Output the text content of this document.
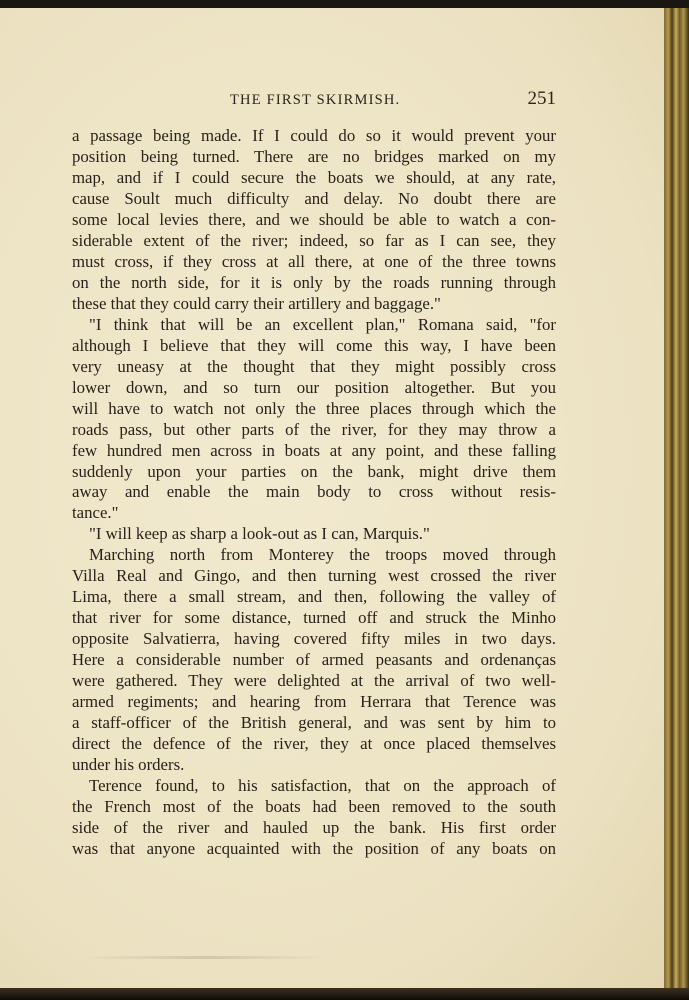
THE FIRST SKIRMISH.	251
a passage being made. If I could do so it would prevent your
position being turned. There are no bridges marked on my
map, and if I could secure the boats we should, at any rate,
cause Soult much difficulty and delay. No doubt there are
some local levies there, and we should be able to watch a con-
siderable extent of the river; indeed, so far as I can see, they
must cross, if they cross at all there, at one of the three towns
on the north side, for it is only by the roads running through
these that they could carry their artillery and baggage."
"I think that will be an excellent plan," Romana said, "for
although I believe that they will come this way, I have been
very uneasy at the thought that they might possibly cross
lower down, and so turn our position altogether. But you
will have to watch not only the three places through which the
roads pass, but other parts of the river, for they may throw a
few hundred men across in boats at any point, and these falling
suddenly upon your parties on the bank, might drive them
away and enable the main body to cross without resis-
tance."
"I will keep as sharp a look-out as I can, Marquis."
Marching north from Monterey the troops moved through
Villa Real and Gingo, and then turning west crossed the river
Lima, there a small stream, and then, following the valley of
that river for some distance, turned off and struck the Minho
opposite Salvatierra, having covered fifty miles in two days.
Here a considerable number of armed peasants and ordenanças
were gathered. They were delighted at the arrival of two well-
armed regiments; and hearing from Herrara that Terence was
a staff-officer of the British general, and was sent by him to
direct the defence of the river, they at once placed themselves
under his orders.
Terence found, to his satisfaction, that on the approach of
the French most of the boats had been removed to the south
side of the river and hauled up the bank. His first order
was that anyone acquainted with the position of any boats on
